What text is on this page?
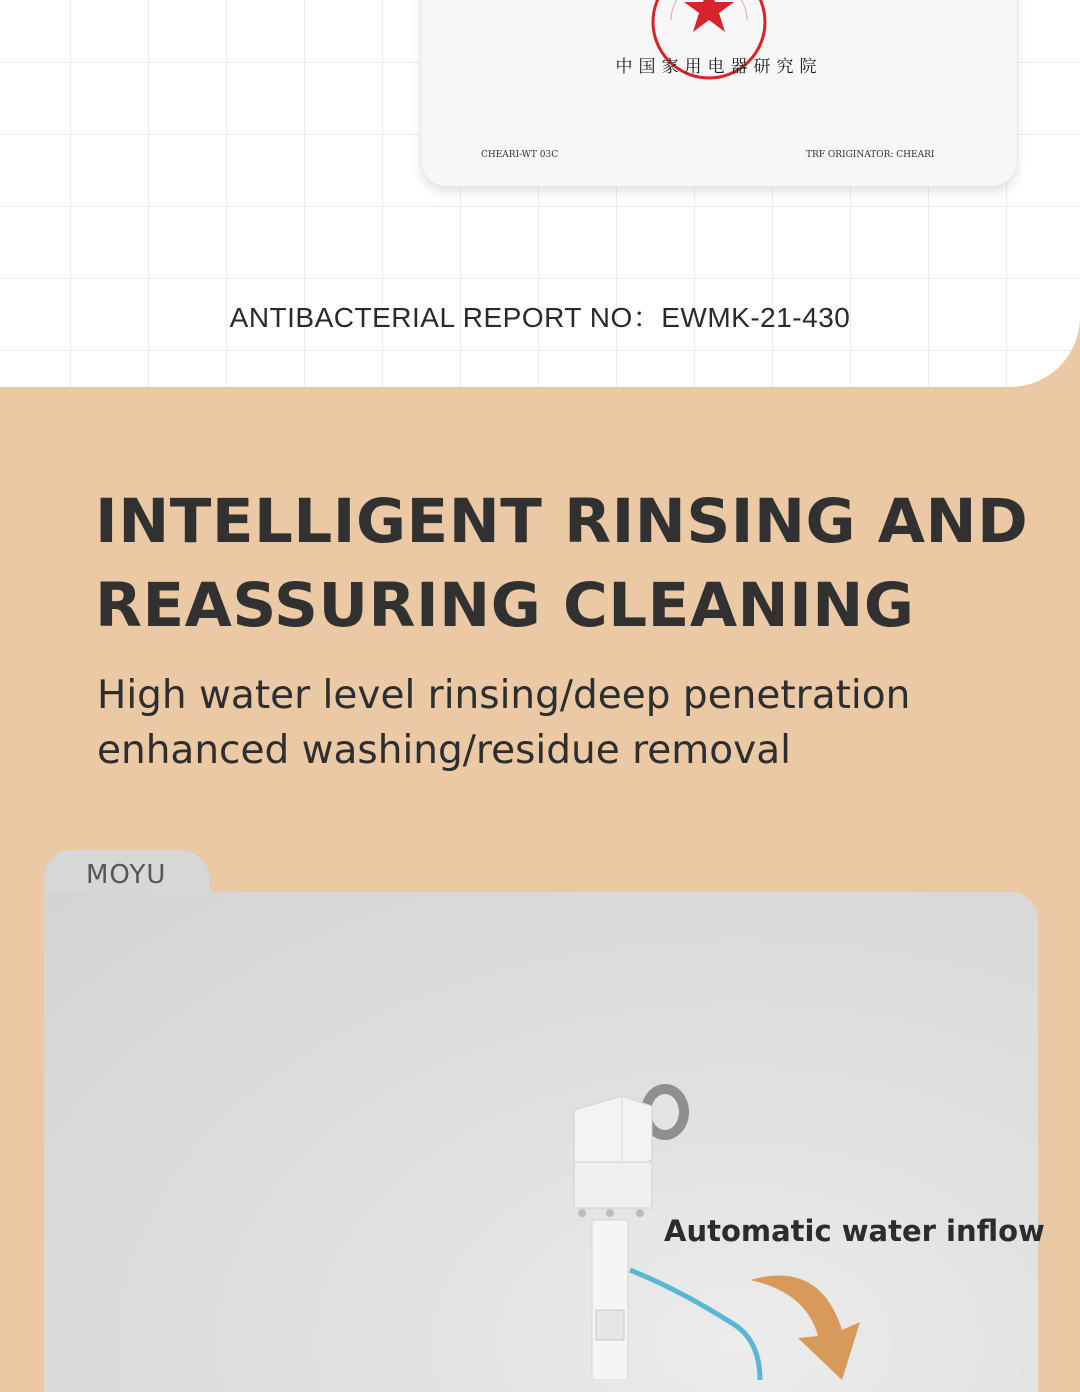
中国家用电器研究院
CHEARI-WT 03C	TRF ORIGINATOR: CHEARI
ANTIBACTERIAL REPORT NO：EWMK-21-430
INTELLIGENT RINSING AND
REASSURING CLEANING

High water level rinsing/deep penetration
enhanced washing/residue removal

MOYU
Automatic water inflow
